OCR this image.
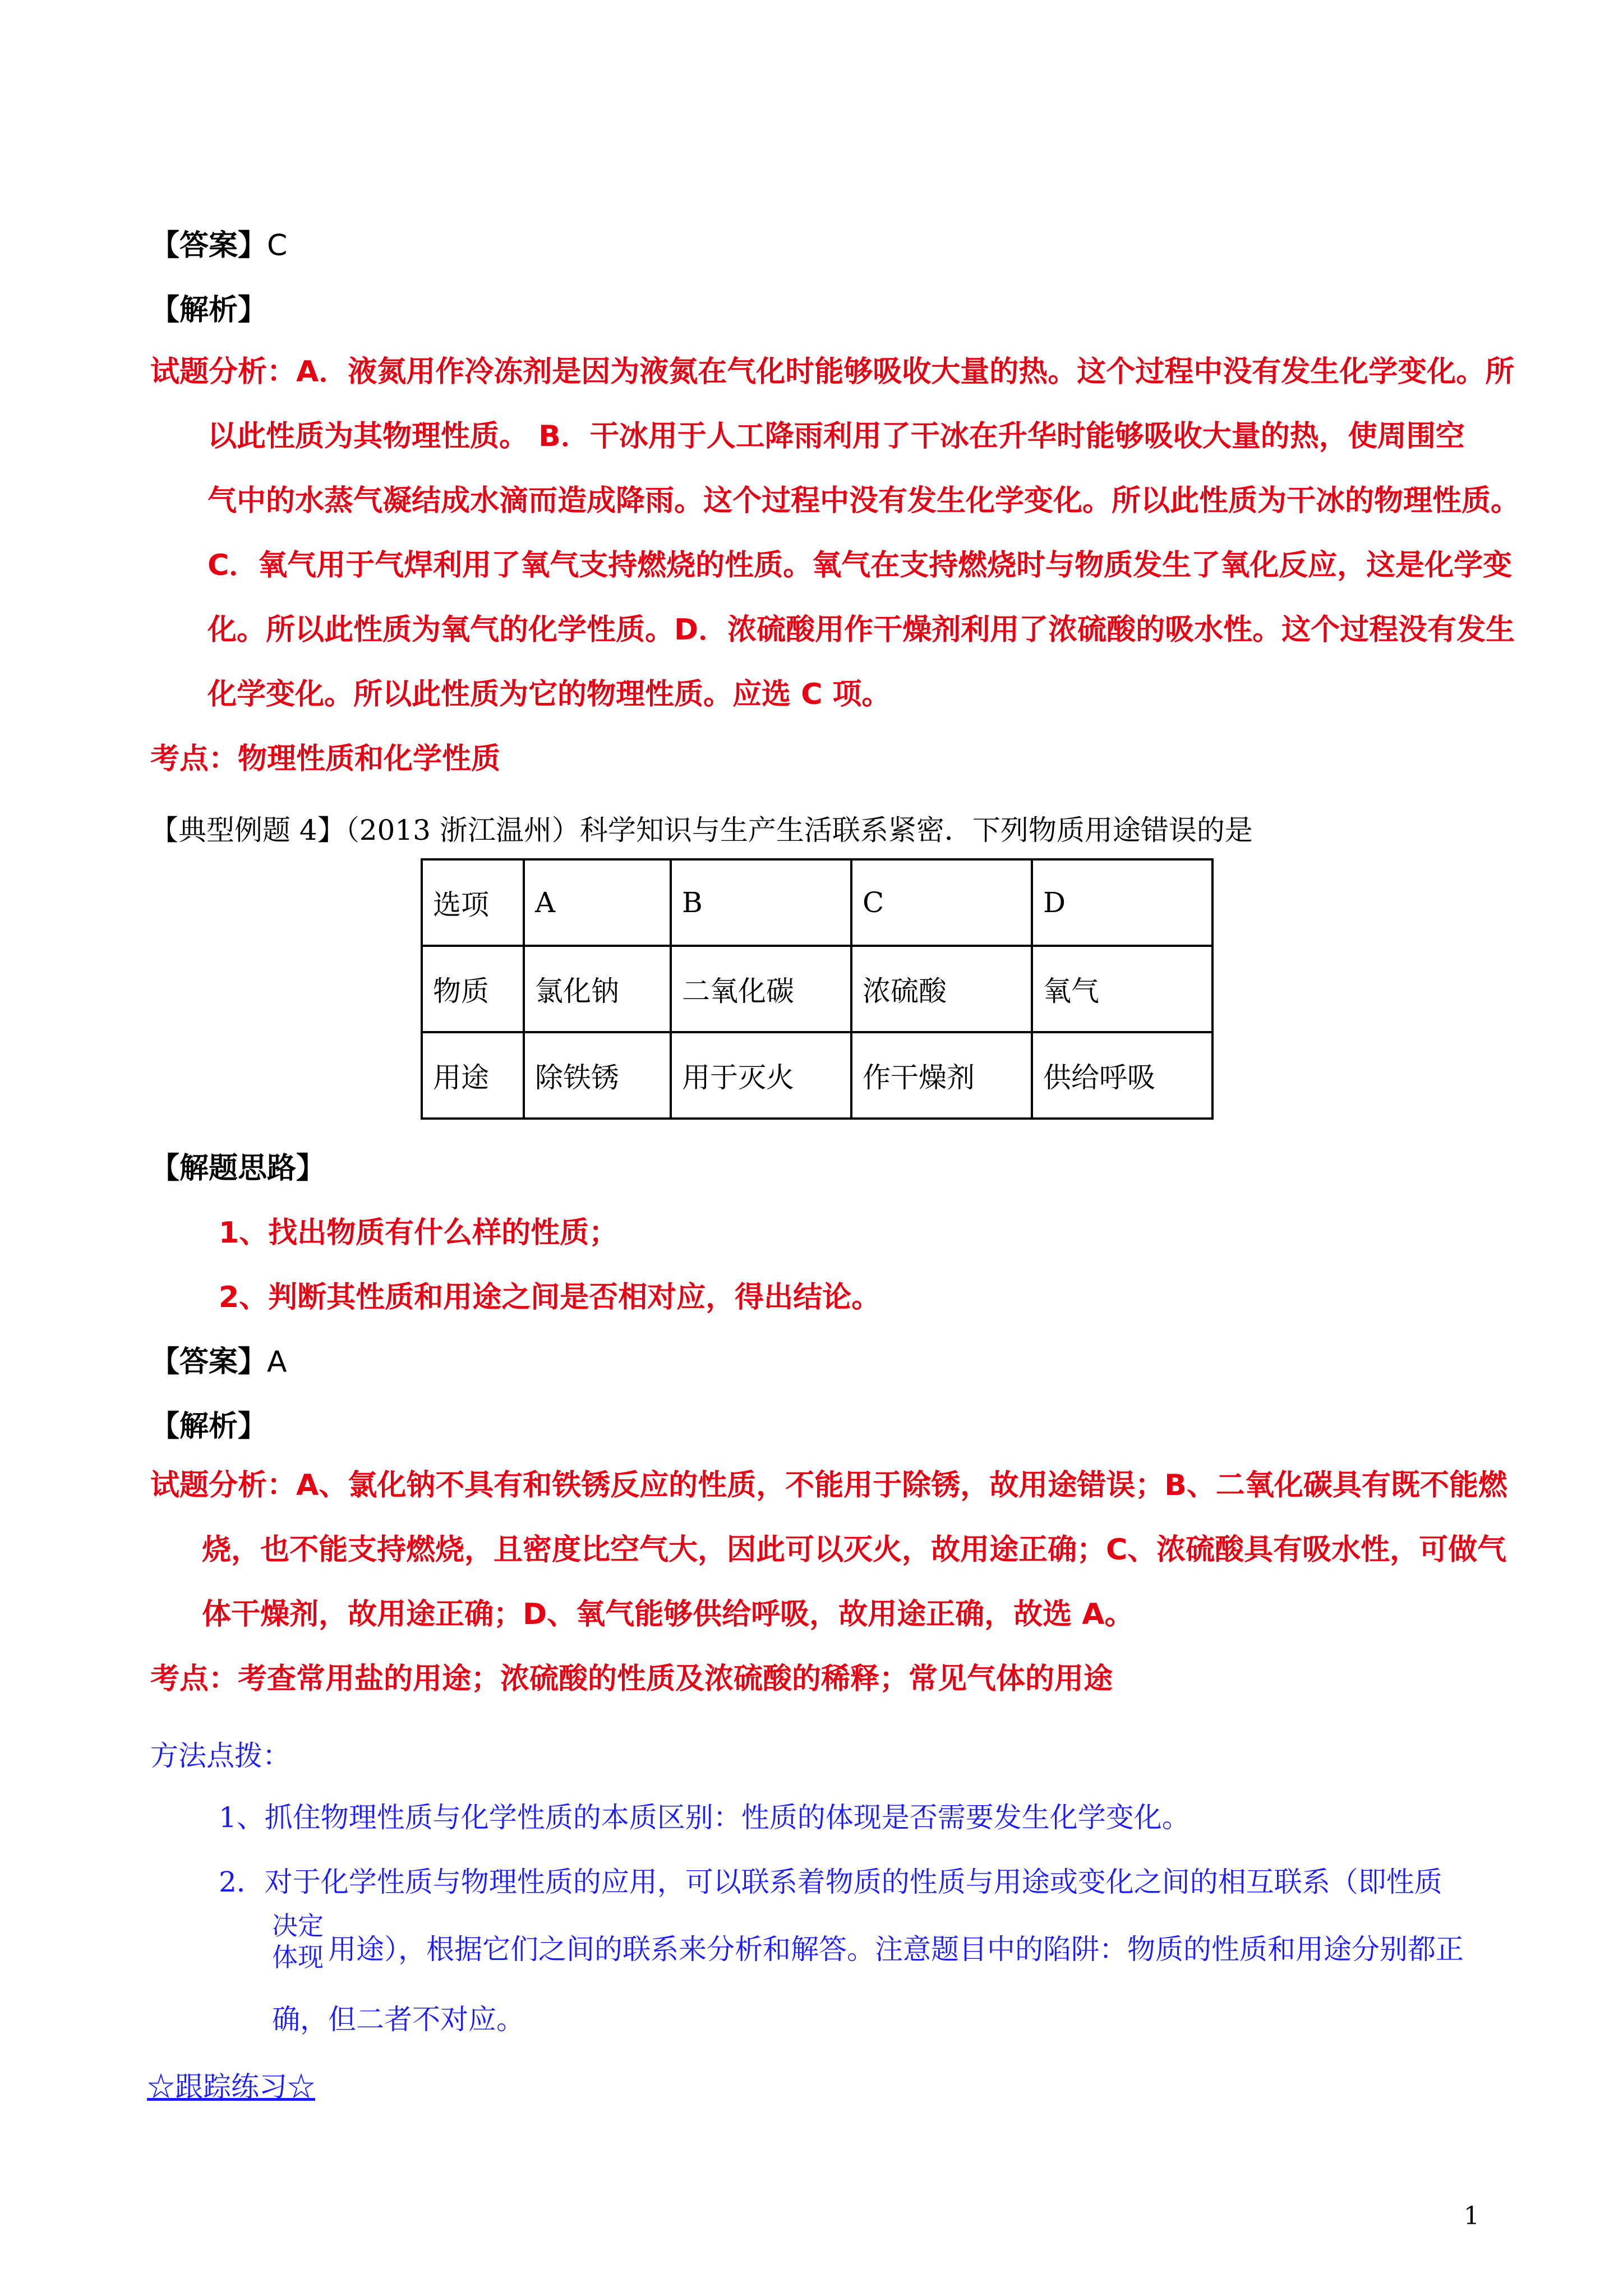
【答案】C
【解析】
试题分析：A．液氮用作冷冻剂是因为液氮在气化时能够吸收大量的热。这个过程中没有发生化学变化。所
以此性质为其物理性质。 B．干冰用于人工降雨利用了干冰在升华时能够吸收大量的热，使周围空
气中的水蒸气凝结成水滴而造成降雨。这个过程中没有发生化学变化。所以此性质为干冰的物理性质。
C．氧气用于气焊利用了氧气支持燃烧的性质。氧气在支持燃烧时与物质发生了氧化反应，这是化学变
化。所以此性质为氧气的化学性质。D．浓硫酸用作干燥剂利用了浓硫酸的吸水性。这个过程没有发生
化学变化。所以此性质为它的物理性质。应选 C 项。
考点：物理性质和化学性质
【典型例题 4】（2013 浙江温州）科学知识与生产生活联系紧密．下列物质用途错误的是
选项	A	B	C	D
物质	氯化钠	二氧化碳	浓硫酸	氧气
用途	除铁锈	用于灭火	作干燥剂	供给呼吸
【解题思路】
1、找出物质有什么样的性质；
2、判断其性质和用途之间是否相对应，得出结论。
【答案】A
【解析】
试题分析：A、氯化钠不具有和铁锈反应的性质，不能用于除锈，故用途错误；B、二氧化碳具有既不能燃
烧，也不能支持燃烧，且密度比空气大，因此可以灭火，故用途正确；C、浓硫酸具有吸水性，可做气
体干燥剂，故用途正确；D、氧气能够供给呼吸，故用途正确，故选 A。
考点：考查常用盐的用途；浓硫酸的性质及浓硫酸的稀释；常见气体的用途
方法点拨：
1、抓住物理性质与化学性质的本质区别：性质的体现是否需要发生化学变化。
2．对于化学性质与物理性质的应用，可以联系着物质的性质与用途或变化之间的相互联系（即性质
决定
体现 用途），根据它们之间的联系来分析和解答。注意题目中的陷阱：物质的性质和用途分别都正
确，但二者不对应。
☆跟踪练习☆
1
